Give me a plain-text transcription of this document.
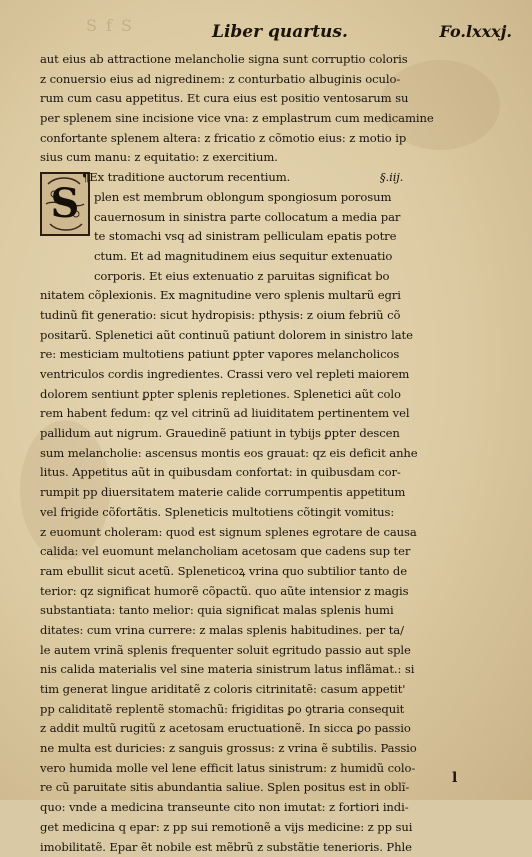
S f S	Liber quartus.	Fo.lxxxj.
S
aut eius ab attractione melancholie signa sunt corruptio coloris
z conuersio eius ad nigredinem: z conturbatio albuginis oculo-
rum cum casu appetitus. Et cura eius est positio ventosarum su
per splenem sine incisione vice vna: z emplastrum cum medicamine
confortante splenem altera: z fricatio z cõmotio eius: z motio ip
sius cum manu: z equitatio: z exercitium.
¶Ex traditione auctorum recentium.	§.iij.
plen est membrum oblongum spongiosum porosum
cauernosum in sinistra parte collocatum a media par
te stomachi vsq ad sinistram pelliculam epatis potre
ctum. Et ad magnitudinem eius sequitur extenuatio
corporis. Et eius extenuatio z paruitas significat bo
nitatem cõplexionis. Ex magnitudine vero splenis multarũ egri
tudinũ fit generatio: sicut hydropisis: pthysis: z oium febriũ cõ
positarũ. Splenetici aũt continuũ patiunt dolorem in sinistro late
re: mesticiam multotiens patiunt ꝑpter vapores melancholicos
ventriculos cordis ingredientes. Crassi vero vel repleti maiorem
dolorem sentiunt ꝑpter splenis repletiones. Splenetici aũt colo
rem habent fedum: qz vel citrinũ ad liuiditatem pertinentem vel
pallidum aut nigrum. Grauedinẽ patiunt in tybijs ꝑpter descen
sum melancholie: ascensus montis eos grauat: qz eis deficit anhe
litus. Appetitus aũt in quibusdam confortat: in quibusdam cor-
rumpit pp diuersitatem materie calide corrumpentis appetitum
vel frigide cõfortãtis. Spleneticis multotiens cõtingit vomitus:
z euomunt choleram: quod est signum splenes egrotare de causa
calida: vel euomunt melancholiam acetosam que cadens sup ter
ram ebullit sicut acetũ. Spleneticoꝝ vrina quo subtilior tanto de
terior: qz significat humorẽ cõpactũ. quo aũte intensior z magis
substantiata: tanto melior: quia significat malas splenis humi
ditates: cum vrina currere: z malas splenis habitudines. per ta/
le autem vrinã splenis frequenter soluit egritudo passio aut sple
nis calida materialis vel sine materia sinistrum latus inflãmat.: si
tim generat lingue ariditatẽ z coloris citrinitatẽ: casum appetit'
pp caliditatẽ replentẽ stomachũ: frigiditas ꝑo ꝯtraria consequit
z addit multũ rugitũ z acetosam eructuationẽ. In sicca ꝑo passio
ne multa est duricies: z sanguis grossus: z vrina ẽ subtilis. Passio
vero humida molle vel lene efficit latus sinistrum: z humidũ colo-
re cũ paruitate sitis abundantia saliue. Splen positus est in oblĩ-
quo: vnde a medicina transeunte cito non imutat: z fortiori indi-
get medicina q epar: z pp sui remotionẽ a vijs medicine: z pp sui
imobilitatẽ. Epar ẽt nobile est mẽbrũ z substãtie tenerioris. Phle
l
